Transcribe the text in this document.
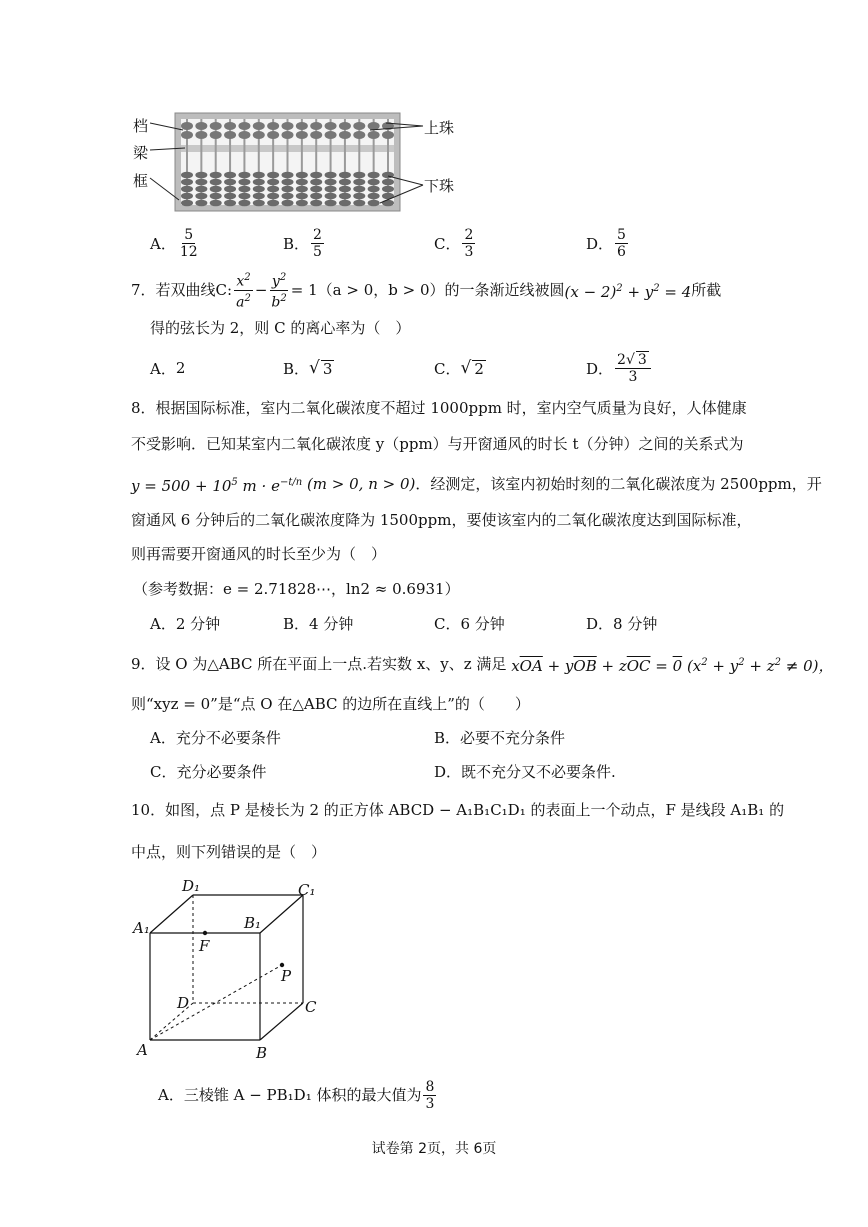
档
梁
框
上珠
下珠
A． $\frac{5}{12}$	B． $\frac{2}{5}$	C． $\frac{2}{3}$	D． $\frac{5}{6}$
7．若双曲线 C : $\frac{x^2}{a^2} - \frac{y^2}{b^2} = 1$ （a > 0，b > 0）的一条渐近线被圆 $(x - 2)^2 + y^2 = 4$ 所截
得的弦长为 2，则 C 的离心率为（　）
A． 2	B． √ 3	C． √ 2	D． $\frac{2√ 3}{3}$
8．根据国际标准，室内二氧化碳浓度不超过 1000ppm 时，室内空气质量为良好，人体健康
不受影响．已知某室内二氧化碳浓度 y（ppm）与开窗通风的时长 t（分钟）之间的关系式为
$y = 500 + 10^5$ $m \cdot e^{-t/n}$ (m > 0, n > 0) ．经测定，该室内初始时刻的二氧化碳浓度为 2500ppm，开
窗通风 6 分钟后的二氧化碳浓度降为 1500ppm，要使该室内的二氧化碳浓度达到国际标准，
则再需要开窗通风的时长至少为（　）
（参考数据：e = 2.71828⋯，ln2 ≈ 0.6931）
A．2 分钟	B．4 分钟	C．6 分钟	D．8 分钟
9．设 O 为△ABC 所在平面上一点.若实数 x、y、z 满足 $x\overline{OA} + y\overline{OB} + z\overline{OC} = 0$ $(x^2 + y^2 + z^2 \ne 0)$，
则“xyz = 0”是“点 O 在△ABC 的边所在直线上”的（　　）
A．充分不必要条件	B．必要不充分条件
C．充分必要条件	D．既不充分又不必要条件.
10．如图，点 P 是棱长为 2 的正方体 ABCD − A₁B₁C₁D₁ 的表面上一个动点，F 是线段 A₁B₁ 的
中点，则下列错误的是（　）
D₁	C₁
A₁	B₁
F
P
D	C
A	B
A．三棱锥 A − PB₁D₁ 体积的最大值为 $\frac{8}{3}$
试卷第 2页，共 6页
